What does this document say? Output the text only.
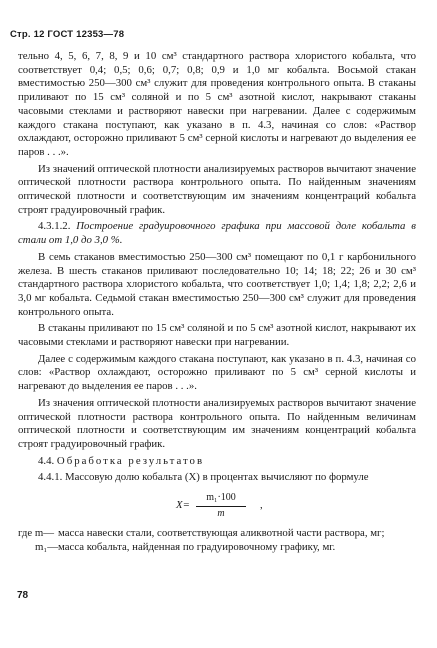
Стр. 12 ГОСТ 12353—78

тельно 4, 5, 6, 7, 8, 9 и 10 см³ стандартного раствора хлористого кобальта, что соответствует 0,4; 0,5; 0,6; 0,7; 0,8; 0,9 и 1,0 мг кобальта. Восьмой стакан вместимостью 250—300 см³ служит для проведения контрольного опыта. В стаканы приливают по 15 см³ соляной и по 5 см³ азотной кислот, накрывают стаканы часовыми стеклами и растворяют навески при нагревании. Далее с содержимым каждого стакана поступают, как указано в п. 4.3, начиная со слов: «Раствор охлаждают, осторожно приливают 5 см³ серной кислоты и нагревают до выделения ее паров . . .».

Из значений оптической плотности анализируемых растворов вычитают значение оптической плотности раствора контрольного опыта. По найденным значениям оптической плотности и соответствующим им значениям концентраций кобальта строят градуировочный график.

4.3.1.2. Построение градуировочного графика при массовой доле кобальта в стали от 1,0 до 3,0 %.

В семь стаканов вместимостью 250—300 см³ помещают по 0,1 г карбонильного железа. В шесть стаканов приливают последовательно 10; 14; 18; 22; 26 и 30 см³ стандартного раствора хлористого кобальта, что соответствует 1,0; 1,4; 1,8; 2,2; 2,6 и 3,0 мг кобальта. Седьмой стакан вместимостью 250—300 см³ служит для проведения контрольного опыта.

В стаканы приливают по 15 см³ соляной и по 5 см³ азотной кислот, накрывают их часовыми стеклами и растворяют навески при нагревании.

Далее с содержимым каждого стакана поступают, как указано в п. 4.3, начиная со слов: «Раствор охлаждают, осторожно приливают по 5 см³ серной кислоты и нагревают до выделения ее паров . . .».

Из значения оптической плотности анализируемых растворов вычитают значение оптической плотности раствора контрольного опыта. По найденным величинам оптической плотности и соответствующим им значениям концентраций кобальта строят градуировочный график.

4.4. Обработка результатов

4.4.1. Массовую долю кобальта (X) в процентах вычисляют по формуле

$X= \frac{\text{m₁·100}}{m}$ ,
где m— масса навески стали, соответствующая аликвотной части раствора, мг;
m₁— масса кобальта, найденная по градуировочному графику, мг.
78
